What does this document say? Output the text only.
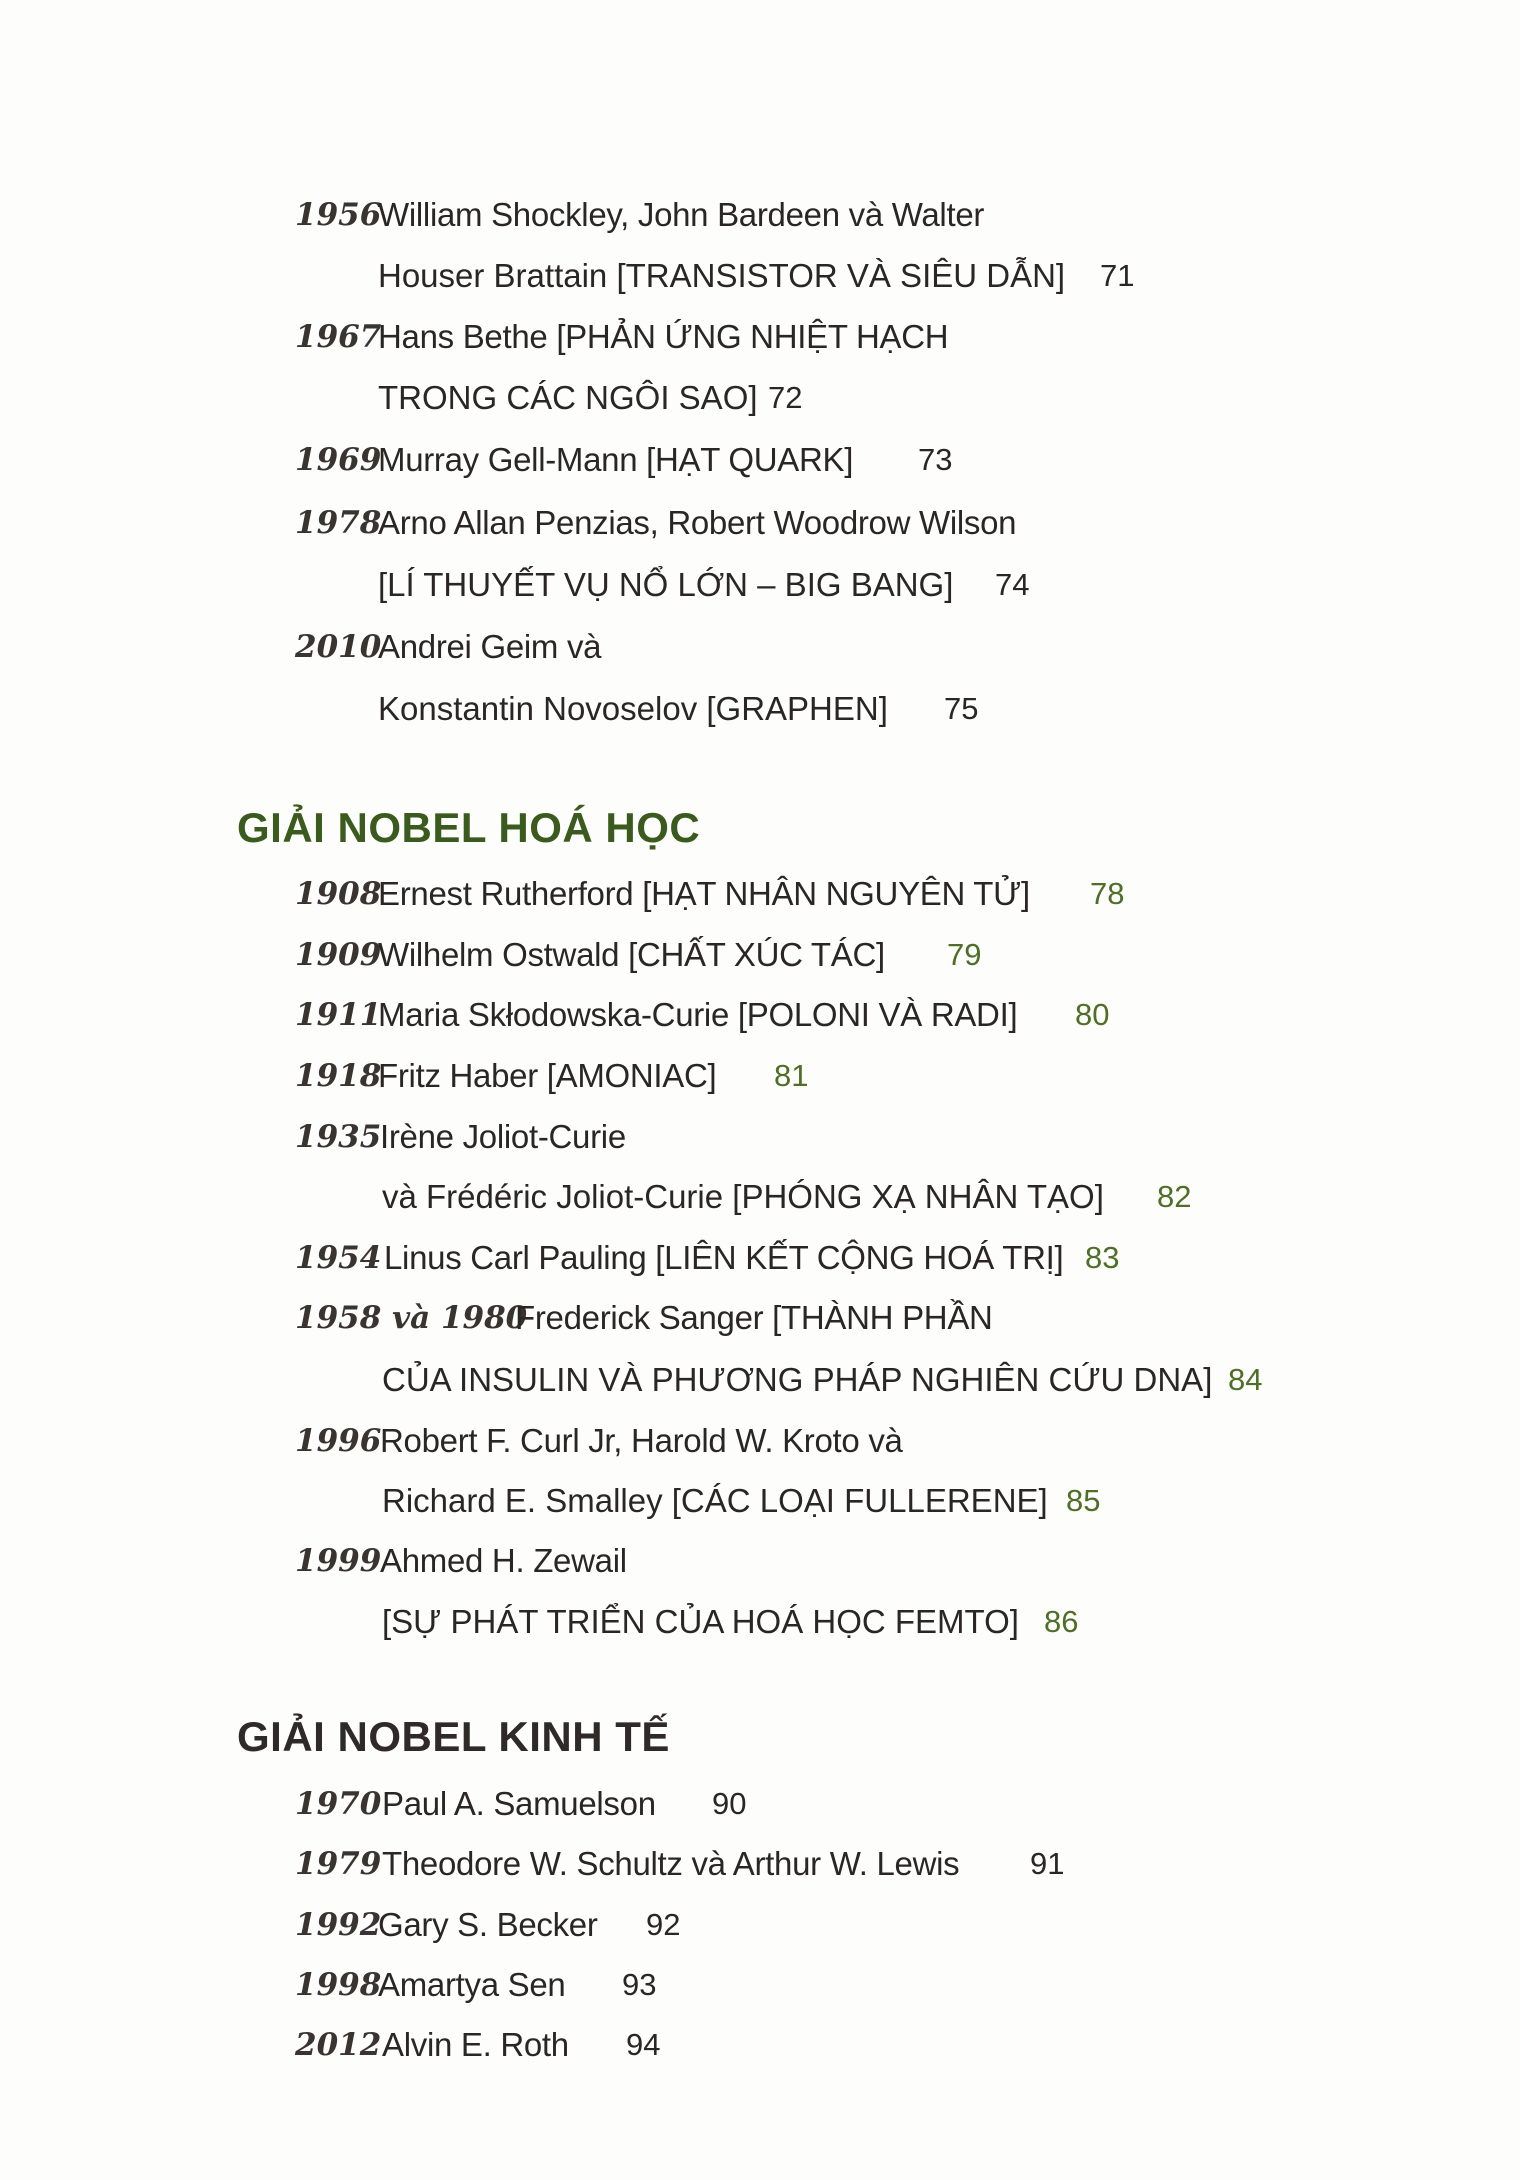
1956
William Shockley, John Bardeen và Walter
Houser Brattain [TRANSISTOR VÀ SIÊU DẪN] 71
1967
Hans Bethe [PHẢN ỨNG NHIỆT HẠCH
TRONG CÁC NGÔI SAO] 72
1969
Murray Gell-Mann [HẠT QUARK] 73
1978
Arno Allan Penzias, Robert Woodrow Wilson
[LÍ THUYẾT VỤ NỔ LỚN – BIG BANG] 74
2010
Andrei Geim và
Konstantin Novoselov [GRAPHEN] 75
GIẢI NOBEL HOÁ HỌC
1908
Ernest Rutherford [HẠT NHÂN NGUYÊN TỬ] 78
1909
Wilhelm Ostwald [CHẤT XÚC TÁC] 79
1911
Maria Skłodowska-Curie [POLONI VÀ RADI] 80
1918
Fritz Haber [AMONIAC] 81
1935
Irène Joliot-Curie
và Frédéric Joliot-Curie [PHÓNG XẠ NHÂN TẠO] 82
1954 Linus Carl Pauling [LIÊN KẾT CỘNG HOÁ TRỊ] 83
1958 và 1980
Frederick Sanger [THÀNH PHẦN
CỦA INSULIN VÀ PHƯƠNG PHÁP NGHIÊN CỨU DNA] 84
1996
Robert F. Curl Jr, Harold W. Kroto và
Richard E. Smalley [CÁC LOẠI FULLERENE] 85
1999
Ahmed H. Zewail
[SỰ PHÁT TRIỂN CỦA HOÁ HỌC FEMTO] 86
GIẢI NOBEL KINH TẾ
1970 Paul A. Samuelson 90
1979 Theodore W. Schultz và Arthur W. Lewis 91
1992
Gary S. Becker 92
1998
Amartya Sen 93
2012 Alvin E. Roth 94
